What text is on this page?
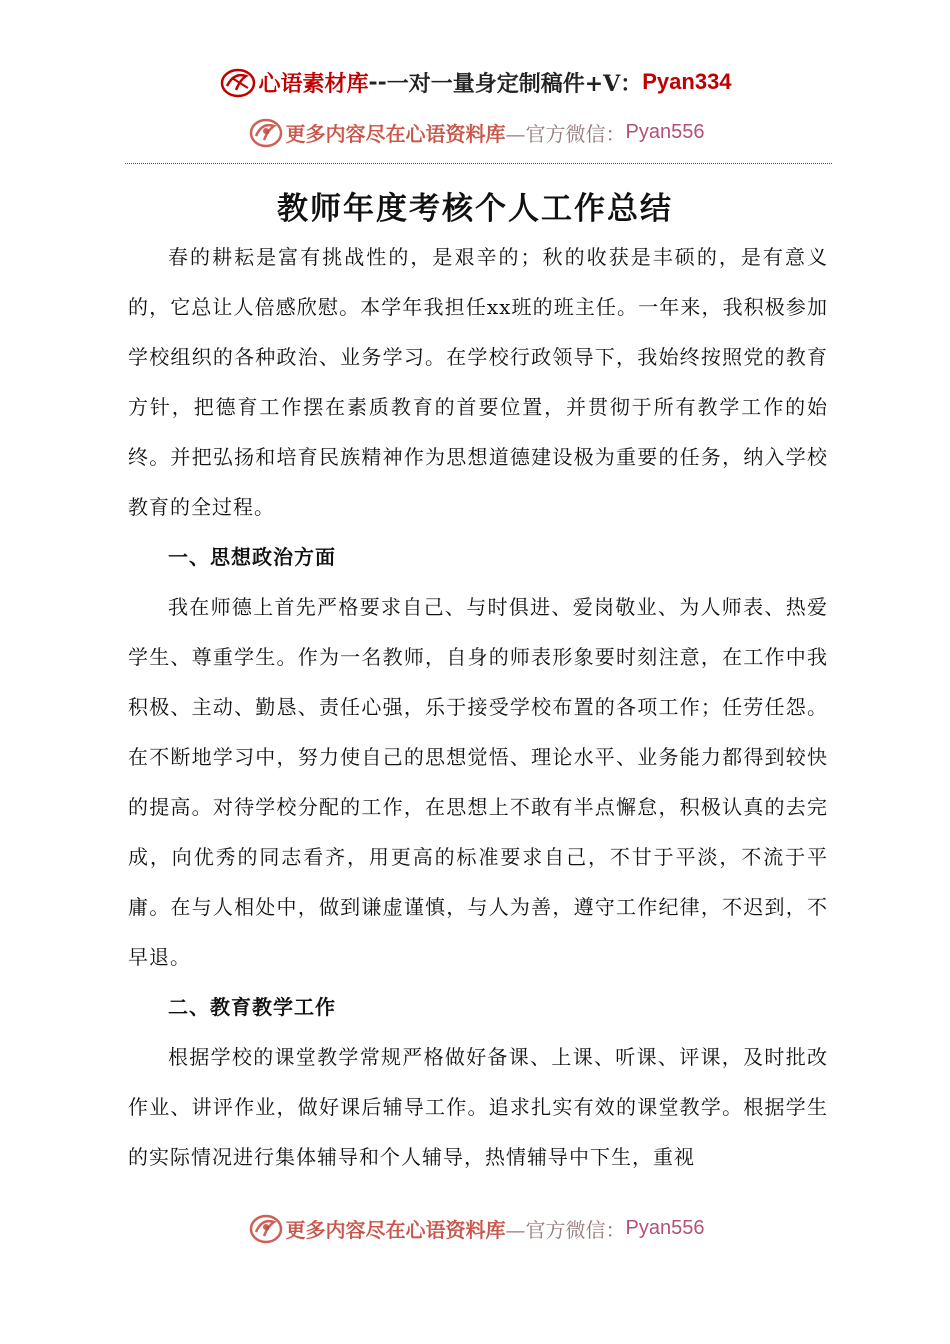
心语素材库 -- 一对一量身定制稿件+V： Pyan334
更多内容尽在心语资料库 —官方微信： Pyan556
教师年度考核个人工作总结

春的耕耘是富有挑战性的，是艰辛的；秋的收获是丰硕的，是有意义的，它总让人倍感欣慰。本学年我担任xx班的班主任。一年来，我积极参加学校组织的各种政治、业务学习。在学校行政领导下，我始终按照党的教育方针，把德育工作摆在素质教育的首要位置，并贯彻于所有教学工作的始终。并把弘扬和培育民族精神作为思想道德建设极为重要的任务，纳入学校教育的全过程。

一、思想政治方面

我在师德上首先严格要求自己、与时俱进、爱岗敬业、为人师表、热爱学生、尊重学生。作为一名教师，自身的师表形象要时刻注意，在工作中我积极、主动、勤恳、责任心强，乐于接受学校布置的各项工作；任劳任怨。在不断地学习中，努力使自己的思想觉悟、理论水平、业务能力都得到较快的提高。对待学校分配的工作，在思想上不敢有半点懈怠，积极认真的去完成，向优秀的同志看齐，用更高的标准要求自己，不甘于平淡，不流于平庸。在与人相处中，做到谦虚谨慎，与人为善，遵守工作纪律，不迟到，不早退。

二、教育教学工作

根据学校的课堂教学常规严格做好备课、上课、听课、评课，及时批改作业、讲评作业，做好课后辅导工作。追求扎实有效的课堂教学。根据学生的实际情况进行集体辅导和个人辅导，热情辅导中下生，重视

更多内容尽在心语资料库 —官方微信： Pyan556
